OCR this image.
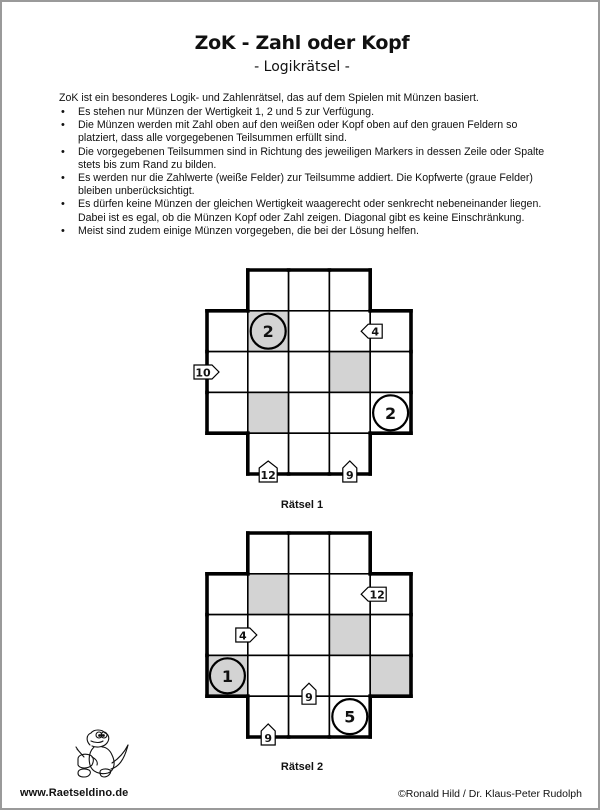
ZoK - Zahl oder Kopf
- Logikrätsel -
ZoK ist ein besonderes Logik- und Zahlenrätsel, das auf dem Spielen mit Münzen basiert.
• Es stehen nur Münzen der Wertigkeit 1, 2 und 5 zur Verfügung.
• Die Münzen werden mit Zahl oben auf den weißen oder Kopf oben auf den grauen Feldern so
platziert, dass alle vorgegebenen Teilsummen erfüllt sind.
• Die vorgegebenen Teilsummen sind in Richtung des jeweiligen Markers in dessen Zeile oder Spalte
stets bis zum Rand zu bilden.
• Es werden nur die Zahlwerte (weiße Felder) zur Teilsumme addiert. Die Kopfwerte (graue Felder)
bleiben unberücksichtigt.
• Es dürfen keine Münzen der gleichen Wertigkeit waagerecht oder senkrecht nebeneinander liegen.
Dabei ist es egal, ob die Münzen Kopf oder Zahl zeigen. Diagonal gibt es keine Einschränkung.
• Meist sind zudem einige Münzen vorgegeben, die bei der Lösung helfen.
2
2
4
10
12	9
Rätsel 1
1
5
12
4
9
9
Rätsel 2
www.Raetseldino.de	©Ronald Hild / Dr. Klaus-Peter Rudolph
